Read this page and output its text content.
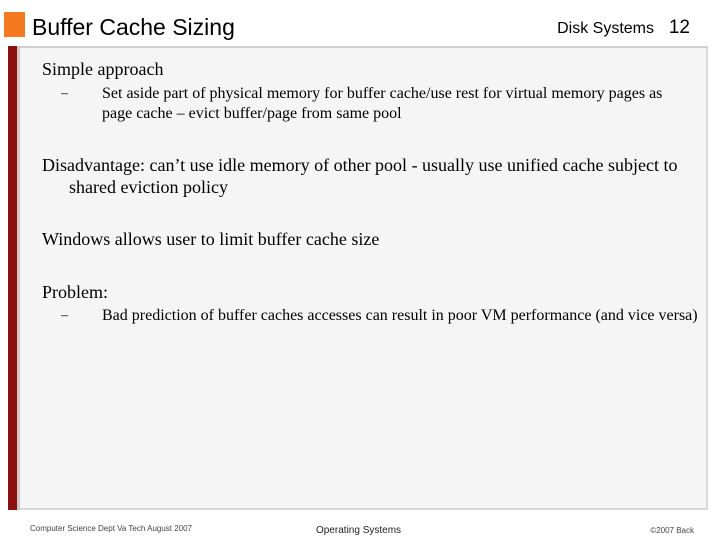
Buffer Cache Sizing	Disk Systems 12
Simple approach
– Set aside part of physical memory for buffer cache/use rest for virtual memory pages as page cache – evict buffer/page from same pool
Disadvantage: can’t use idle memory of other pool - usually use unified cache subject to shared eviction policy
Windows allows user to limit buffer cache size
Problem:
– Bad prediction of buffer caches accesses can result in poor VM performance (and vice versa)
Computer Science Dept Va Tech August 2007	Operating Systems	©2007 Back
